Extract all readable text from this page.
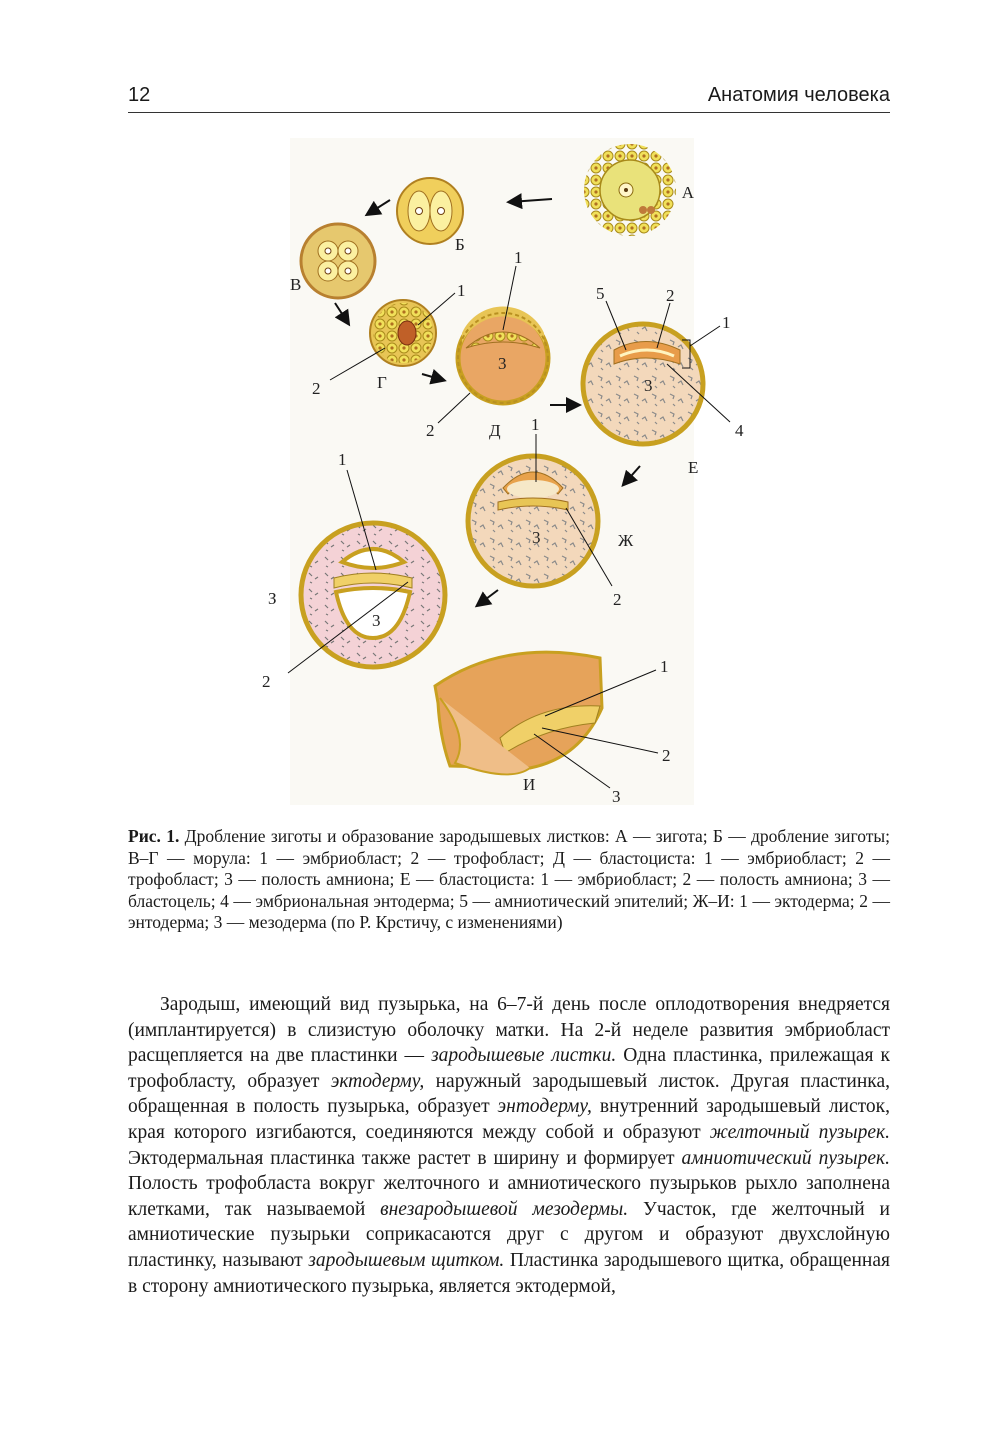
12	Анатомия человека
А
Б
В
Г
1
2
3
Д
1
2
3
Е
5	2
1
4
3	Ж
1
2
3
З
1
2
И
1
2
3
Рис. 1. Дробление зиготы и образование зародышевых листков: А — зиготa; Б — дробление зиготы; В–Г — морула: 1 — эмбриобласт; 2 — трофобласт; Д — бластоциста: 1 — эмбриобласт; 2 — трофобласт; 3 — полость амниона; Е — бластоциста: 1 — эмбриобласт; 2 — полость амниона; 3 — бластоцель; 4 — эмбриональная энтодерма; 5 — амниотический эпителий; Ж–И: 1 — эктодерма; 2 — энтодерма; 3 — мезодерма (по Р. Крстичу, с изменениями)

Зародыш, имеющий вид пузырька, на 6–7-й день после оплодотворения внедряется (имплантируется) в слизистую оболочку матки. На 2-й неделе развития эмбриобласт расщепляется на две пластинки — зародышевые листки. Одна пластинка, прилежащая к трофобласту, образует эктодерму, наружный зародышевый листок. Другая пластинка, обращенная в полость пузырька, образует энтодерму, внутренний зародышевый листок, края которого изгибаются, соединяются между собой и образуют желточный пузырек. Эктодермальная пластинка также растет в ширину и формирует амниотический пузырек. Полость трофобласта вокруг желточного и амниотического пузырьков рыхло заполнена клетками, так называемой внезародышевой мезодермы. Участок, где желточный и амниотические пузырьки соприкасаются друг с другом и образуют двухслойную пластинку, называют зародышевым щитком. Пластинка зародышевого щитка, обращенная в сторону амниотического пузырька, является эктодермой,
